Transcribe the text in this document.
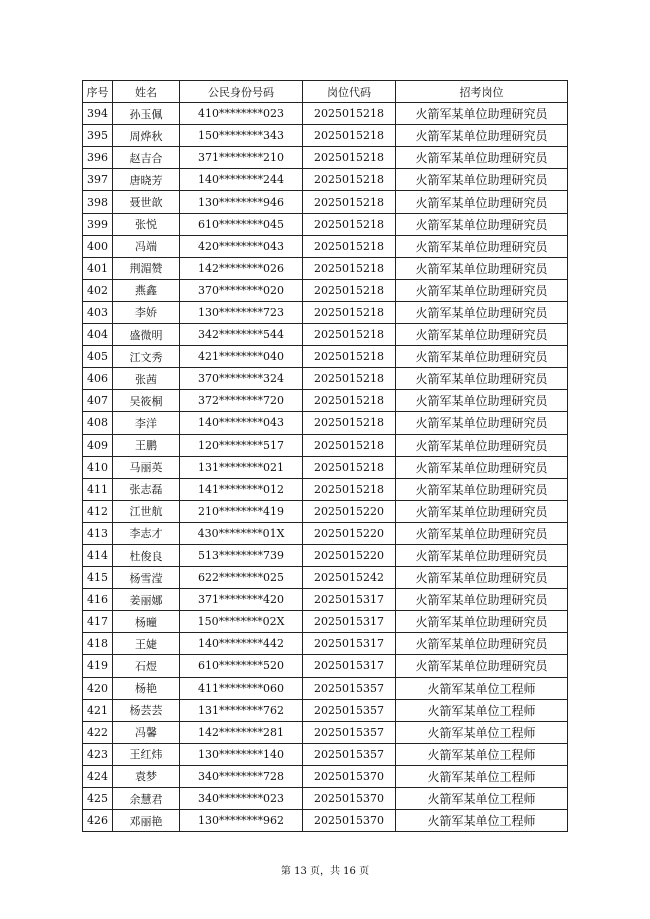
序号	姓名	公民身份号码	岗位代码	招考岗位
394	孙玉佩	410********023	2025015218	火箭军某单位助理研究员
395	周烨秋	150********343	2025015218	火箭军某单位助理研究员
396	赵吉合	371********210	2025015218	火箭军某单位助理研究员
397	唐晓芳	140********244	2025015218	火箭军某单位助理研究员
398	聂世歆	130********946	2025015218	火箭军某单位助理研究员
399	张悦	610********045	2025015218	火箭军某单位助理研究员
400	冯端	420********043	2025015218	火箭军某单位助理研究员
401	荆湄赞	142********026	2025015218	火箭军某单位助理研究员
402	燕鑫	370********020	2025015218	火箭军某单位助理研究员
403	李娇	130********723	2025015218	火箭军某单位助理研究员
404	盛微明	342********544	2025015218	火箭军某单位助理研究员
405	江文秀	421********040	2025015218	火箭军某单位助理研究员
406	张茜	370********324	2025015218	火箭军某单位助理研究员
407	吴筱桐	372********720	2025015218	火箭军某单位助理研究员
408	李洋	140********043	2025015218	火箭军某单位助理研究员
409	王鹏	120********517	2025015218	火箭军某单位助理研究员
410	马丽英	131********021	2025015218	火箭军某单位助理研究员
411	张志磊	141********012	2025015218	火箭军某单位助理研究员
412	江世航	210********419	2025015220	火箭军某单位助理研究员
413	李志才	430********01X	2025015220	火箭军某单位助理研究员
414	杜俊良	513********739	2025015220	火箭军某单位助理研究员
415	杨雪滢	622********025	2025015242	火箭军某单位助理研究员
416	姜丽娜	371********420	2025015317	火箭军某单位助理研究员
417	杨曈	150********02X	2025015317	火箭军某单位助理研究员
418	王婕	140********442	2025015317	火箭军某单位助理研究员
419	石煜	610********520	2025015317	火箭军某单位助理研究员
420	杨艳	411********060	2025015357	火箭军某单位工程师
421	杨芸芸	131********762	2025015357	火箭军某单位工程师
422	冯馨	142********281	2025015357	火箭军某单位工程师
423	王红炜	130********140	2025015357	火箭军某单位工程师
424	袁梦	340********728	2025015370	火箭军某单位工程师
425	余慧君	340********023	2025015370	火箭军某单位工程师
426	邓丽艳	130********962	2025015370	火箭军某单位工程师
第 13 页，共 16 页
